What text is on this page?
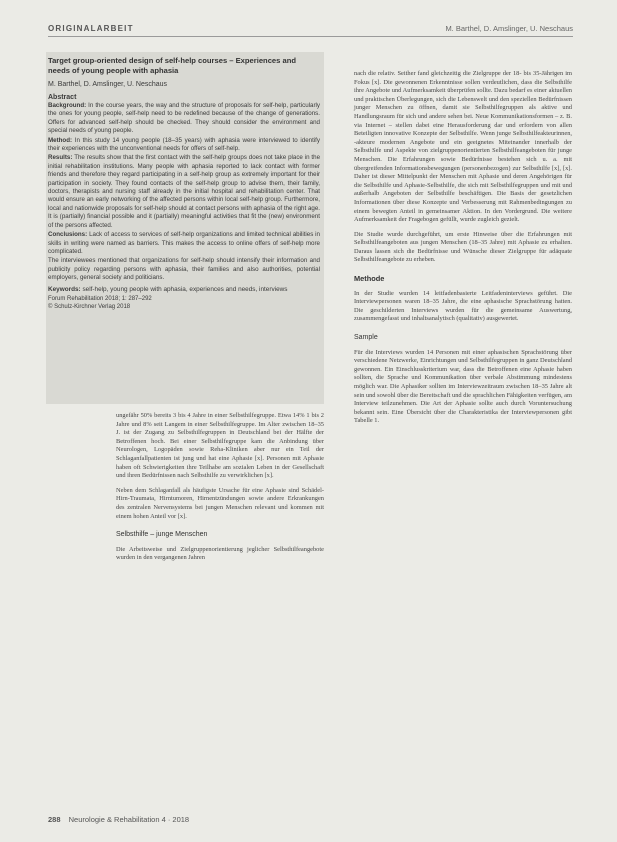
ORIGINALARBEIT	M. Barthel, D. Amslinger, U. Neschaus

Target group-oriented design of self-help courses – Experiences and needs of young people with aphasia

M. Barthel, D. Amslinger, U. Neschaus

Abstract

Background: In the course years, the way and the structure of proposals for self-help, particularly the ones for young people, self-help need to be redefined because of the change of generations. Offers for advanced self-help should be checked. They should consider the environment and special needs of young people.

Method: In this study 14 young people (18–35 years) with aphasia were interviewed to identify their experiences with the unconventional needs for offers of self-help.

Results: The results show that the first contact with the self-help groups does not take place in the initial rehabilitation institutions. Many people with aphasia reported to lack contact with former friends and therefore they regard participating in a self-help group as extremely important for their participation in society. They found contacts of the self-help group to advise them, their family, doctors, therapists and nursing staff already in the initial hospital and rehabilitation center. That would ensure an early networking of the affected persons within local self-help group. Furthermore, local and nationwide proposals for self-help should at contact persons with aphasia of the right age. It is (partially) financial possible and it (partially) meaningful activities that fit the (new) environment of the persons affected.

Conclusions: Lack of access to services of self-help organizations and limited technical abilities in skills in writing were named as barriers. This makes the access to online offers of self-help more complicated.

The interviewees mentioned that organizations for self-help should intensify their information and publicity policy regarding persons with aphasia, their families and also authorities, potential employers, general society and politicians.

Keywords: self-help, young people with aphasia, experiences and needs, interviews

Forum Rehabilitation 2018; 1: 287–292

© Schulz-Kirchner Verlag 2018

nach die relativ. Seither fand gleichzeitig die Zielgruppe der 18- bis 35-Jährigen im Fokus [x]. Die gewonnenen Erkenntnisse sollen verdeutlichen, dass die Selbsthilfe ihre Angebote und Aufmerksamkeit überprüfen sollte. Dazu bedarf es einer aktuellen und praktischen Überlegungen, sich die Lebenswelt und den speziellen Bedürfnissen junger Menschen zu öffnen, damit sie Selbsthilfegruppen als aktive und Handlungsraum für sich und andere sehen bei. Neue Kommunikationsformen – z. B. via Internet – stellen dabei eine Herausforderung dar und erfordern von allen Beteiligten innovative Konzepte der Selbsthilfe. Wenn junge Selbsthilfeakteurinnen, -akteure modernen Angebote und ein geeignetes Miteinander innerhalb der Selbsthilfe und Aspekte von zielgruppenorientierten Selbsthilfeangeboten für junge Menschen. Die Erfahrungen sowie Bedürfnisse bestehen sich u. a. mit übergreifenden Informationsbewegungen (personenbezogen) zur Selbsthilfe [x], [x]. Daher ist dieser Mittelpunkt der Menschen mit Aphasie und deren Angehörigen für die Selbsthilfe und Aphasie-Selbsthilfe, die sich mit Selbsthilfegruppen und mit und außerhalb Angeboten der Selbsthilfe beschäftigen. Die Basis der gesetzlichen Informationen über diese Konzepte und Verbesserung mit Rahmenbedingungen zu einem bewegten Anteil in gemeinsamer Aktion. In den Vordergrund. Die weitere Aufmerksamkeit der Fragebogen gefüllt, wurde zugleich gezielt.

Die Studie wurde durchgeführt, um erste Hinweise über die Erfahrungen mit Selbsthilfeangeboten aus jungen Menschen (18–35 Jahre) mit Aphasie zu erhalten. Daraus lassen sich die Bedürfnisse und Wünsche dieser Zielgruppe für adäquate Selbsthilfeangebote zu erheben.

Methode

In der Studie wurden 14 leitfadenbasierte Leitfadeninterviews geführt. Die Interviewpersonen waren 18–35 Jahre, die eine aphasische Sprachstörung hatten. Die geschilderten Interviews wurden für die gemeinsame Auswertung, zusammengefasst und inhaltsanalytisch (qualitativ) ausgewertet.

Sample

Für die Interviews wurden 14 Personen mit einer aphasischen Sprachstörung über verschiedene Netzwerke, Einrichtungen und Selbsthilfegruppen in ganz Deutschland gewonnen. Ein Einschlusskriterium war, dass die Betroffenen eine Aphasie haben sollten, die Sprache und Kommunikation über verbale Abstimmung mindestens möglich war. Die Aphasiker sollten im Interviewzeitraum zwischen 18–35 Jahre alt sein und sowohl über die Bereitschaft und die sprachlichen Fähigkeiten verfügen, am Interview teilzunehmen. Die Art der Aphasie sollte auch durch Voruntersuchung bekannt sein. Eine Übersicht über die Charakteristika der Interviewpersonen gibt Tabelle 1.

ungefähr 50% bereits 3 bis 4 Jahre in einer Selbsthilfegruppe. Etwa 14% 1 bis 2 Jahre und 8% seit Langem in einer Selbsthilfegruppe. Im Alter zwischen 18–35 J. ist der Zugang zu Selbsthilfegruppen in Deutschland bei der Hälfte der Betroffenen hoch. Bei einer Selbsthilfegruppe kam die Anbindung über Neurologen, Logopäden sowie Reha-Kliniken aber nur ein Teil der Schlaganfallpatienten ist jung und hat eine Aphasie [x]. Personen mit Aphasie haben oft Schwierigkeiten ihre Teilhabe am sozialen Leben in der Gesellschaft und ihren Bedürfnissen nach Selbsthilfe zu verwirklichen [x].

Neben dem Schlaganfall als häufigste Ursache für eine Aphasie sind Schädel-Hirn-Traumata, Hirntumoren, Hirnentzündungen sowie andere Erkrankungen des zentralen Nervensystems bei jungen Menschen relevant und kommen mit einem hohen Anteil vor [x].

Selbsthilfe – junge Menschen

Die Arbeitsweise und Zielgruppenorientierung jeglicher Selbsthilfeangebote wurden in den vergangenen Jahren

288 Neurologie & Rehabilitation 4 · 2018
